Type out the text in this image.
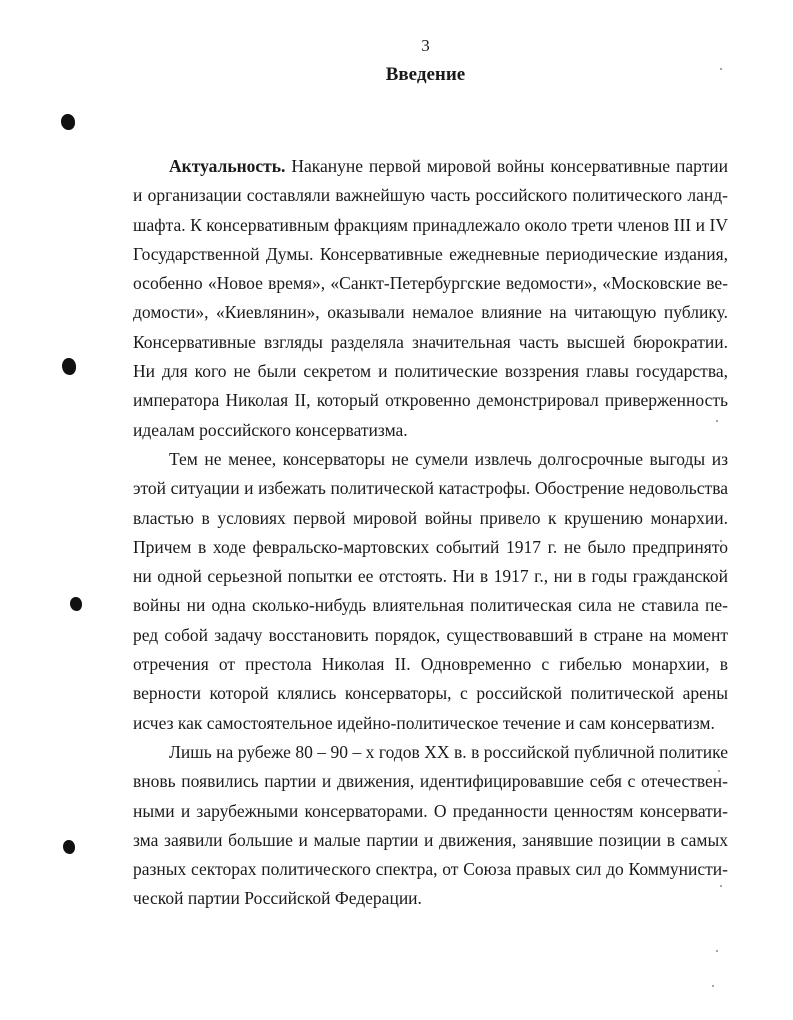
3
Введение

Актуальность. Накануне первой мировой войны консервативные партии и организации составляли важнейшую часть российского политического ландшафта. К консервативным фракциям принадлежало около трети членов III и IV Государственной Думы. Консервативные ежедневные периодические издания, особенно «Новое время», «Санкт-Петербургские ведомости», «Московские ведомости», «Киевлянин», оказывали немалое влияние на читающую публику. Консервативные взгляды разделяла значительная часть высшей бюрократии. Ни для кого не были секретом и политические воззрения главы государства, императора Николая II, который откровенно демонстрировал приверженность идеалам российского консерватизма.

Тем не менее, консерваторы не сумели извлечь долгосрочные выгоды из этой ситуации и избежать политической катастрофы. Обострение недовольства властью в условиях первой мировой войны привело к крушению монархии. Причем в ходе февральско-мартовских событий 1917 г. не было предпринято ни одной серьезной попытки ее отстоять. Ни в 1917 г., ни в годы гражданской войны ни одна сколько-нибудь влиятельная политическая сила не ставила перед собой задачу восстановить порядок, существовавший в стране на момент отречения от престола Николая II. Одновременно с гибелью монархии, в верности которой клялись консерваторы, с российской политической арены исчез как самостоятельное идейно-политическое течение и сам консерватизм.

Лишь на рубеже 80 – 90 – х годов XX в. в российской публичной политике вновь появились партии и движения, идентифицировавшие себя с отечественными и зарубежными консерваторами. О преданности ценностям консерватизма заявили большие и малые партии и движения, занявшие позиции в самых разных секторах политического спектра, от Союза правых сил до Коммунистической партии Российской Федерации.
